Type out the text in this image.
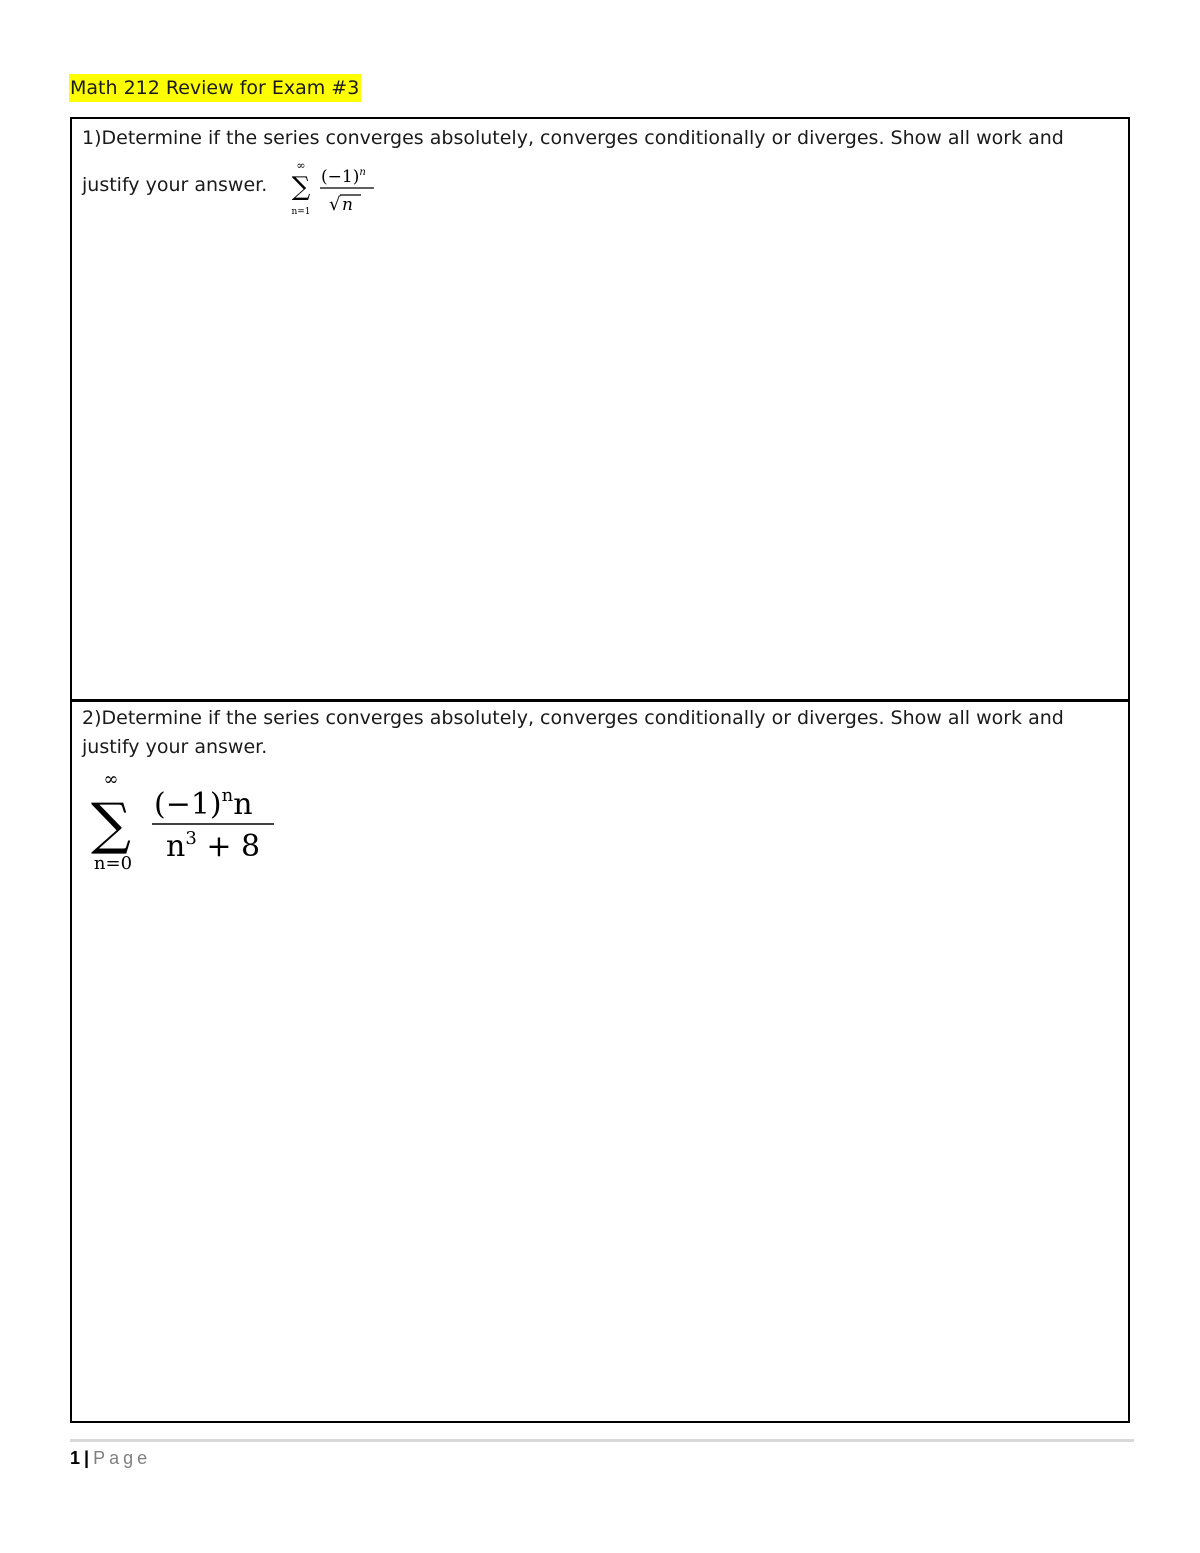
Math 212 Review for Exam #3
1)Determine if the series converges absolutely, converges conditionally or diverges. Show all work and
justify your answer.
∞
∑
n=1
$(-1)^n$
√ n
2)Determine if the series converges absolutely, converges conditionally or diverges. Show all work and justify your answer.
∞
∑
n=0
$(-1)^nn$
$n^3 + 8$
1 | Page
